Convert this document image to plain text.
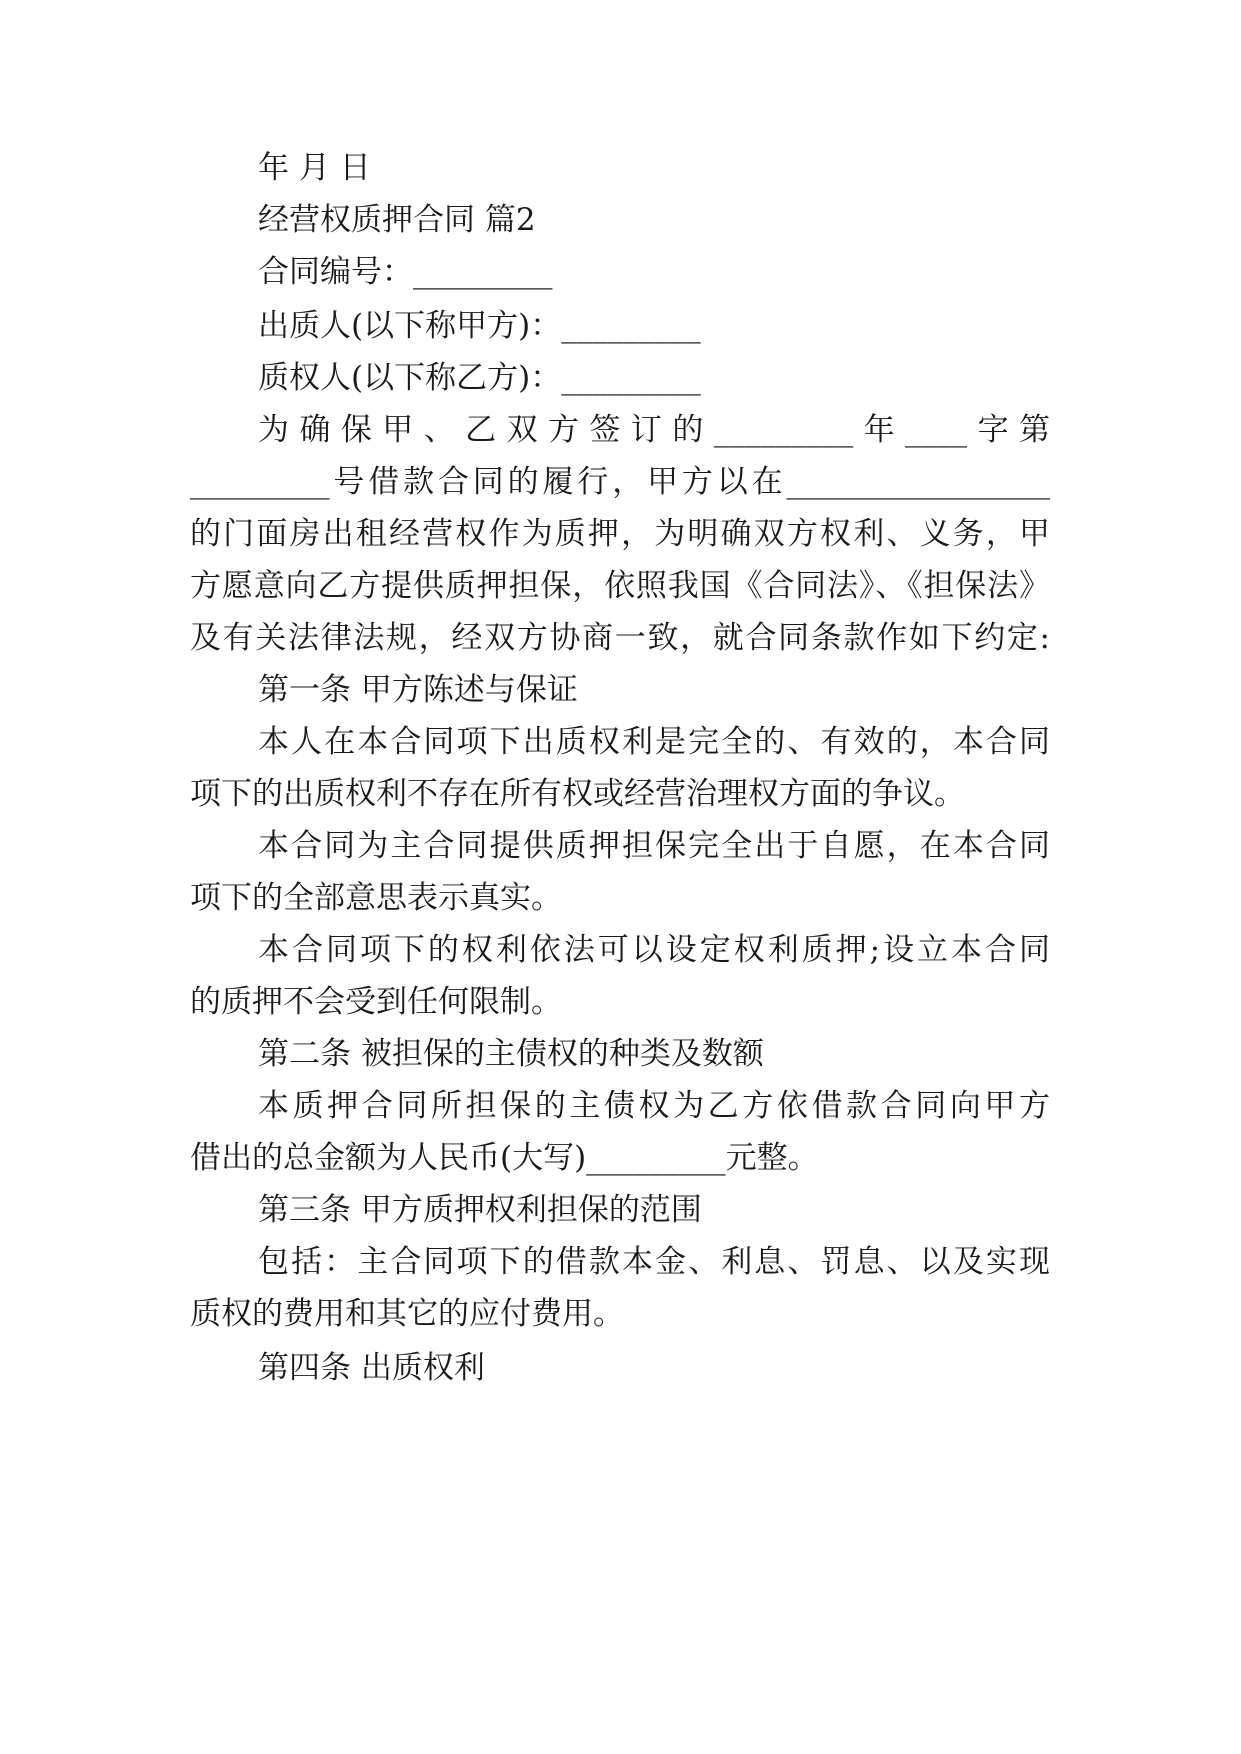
年 月 日
经营权质押合同 篇2
合同编号：_________
出质人(以下称甲方)：_________
质权人(以下称乙方)：_________
为确保甲、乙双方签订的_________年____字第
_________号借款合同的履行，甲方以在_________________
的门面房出租经营权作为质押，为明确双方权利、义务，甲
方愿意向乙方提供质押担保，依照我国《合同法》、《担保法》
及有关法律法规，经双方协商一致，就合同条款作如下约定:
第一条 甲方陈述与保证
本人在本合同项下出质权利是完全的、有效的，本合同
项下的出质权利不存在所有权或经营治理权方面的争议。
本合同为主合同提供质押担保完全出于自愿，在本合同
项下的全部意思表示真实。
本合同项下的权利依法可以设定权利质押;设立本合同
的质押不会受到任何限制。
第二条 被担保的主债权的种类及数额
本质押合同所担保的主债权为乙方依借款合同向甲方
借出的总金额为人民币(大写)_________元整。
第三条 甲方质押权利担保的范围
包括：主合同项下的借款本金、利息、罚息、以及实现
质权的费用和其它的应付费用。
第四条 出质权利
